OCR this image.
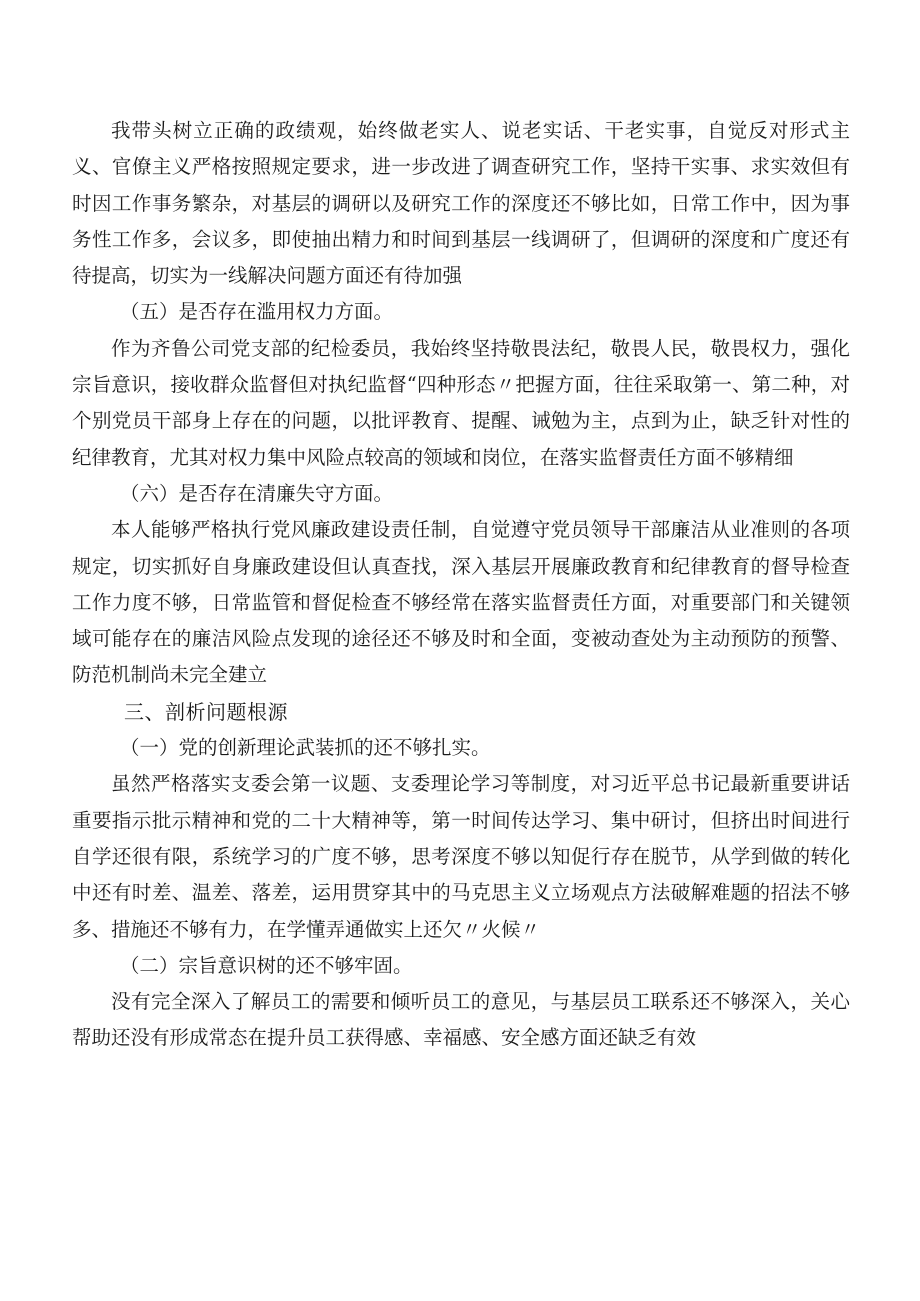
我带头树立正确的政绩观，始终做老实人、说老实话、干老实事，自觉反对形式主义、官僚主义严格按照规定要求，进一步改进了调查研究工作，坚持干实事、求实效但有时因工作事务繁杂，对基层的调研以及研究工作的深度还不够比如，日常工作中，因为事务性工作多，会议多，即使抽出精力和时间到基层一线调研了，但调研的深度和广度还有待提高，切实为一线解决问题方面还有待加强

（五）是否存在滥用权力方面。

作为齐鲁公司党支部的纪检委员，我始终坚持敬畏法纪，敬畏人民，敬畏权力，强化宗旨意识，接收群众监督但对执纪监督“四种形态〃把握方面，往往采取第一、第二种，对个别党员干部身上存在的问题，以批评教育、提醒、诫勉为主，点到为止，缺乏针对性的纪律教育，尤其对权力集中风险点较高的领域和岗位，在落实监督责任方面不够精细

（六）是否存在清廉失守方面。

本人能够严格执行党风廉政建设责任制，自觉遵守党员领导干部廉洁从业准则的各项规定，切实抓好自身廉政建设但认真查找，深入基层开展廉政教育和纪律教育的督导检查工作力度不够，日常监管和督促检查不够经常在落实监督责任方面，对重要部门和关键领域可能存在的廉洁风险点发现的途径还不够及时和全面，变被动查处为主动预防的预警、防范机制尚未完全建立

三、剖析问题根源

（一）党的创新理论武装抓的还不够扎实。

虽然严格落实支委会第一议题、支委理论学习等制度，对习近平总书记最新重要讲话重要指示批示精神和党的二十大精神等，第一时间传达学习、集中研讨，但挤出时间进行自学还很有限，系统学习的广度不够，思考深度不够以知促行存在脱节，从学到做的转化中还有时差、温差、落差，运用贯穿其中的马克思主义立场观点方法破解难题的招法不够多、措施还不够有力，在学懂弄通做实上还欠〃火候〃

（二）宗旨意识树的还不够牢固。

没有完全深入了解员工的需要和倾听员工的意见，与基层员工联系还不够深入，关心帮助还没有形成常态在提升员工获得感、幸福感、安全感方面还缺乏有效
